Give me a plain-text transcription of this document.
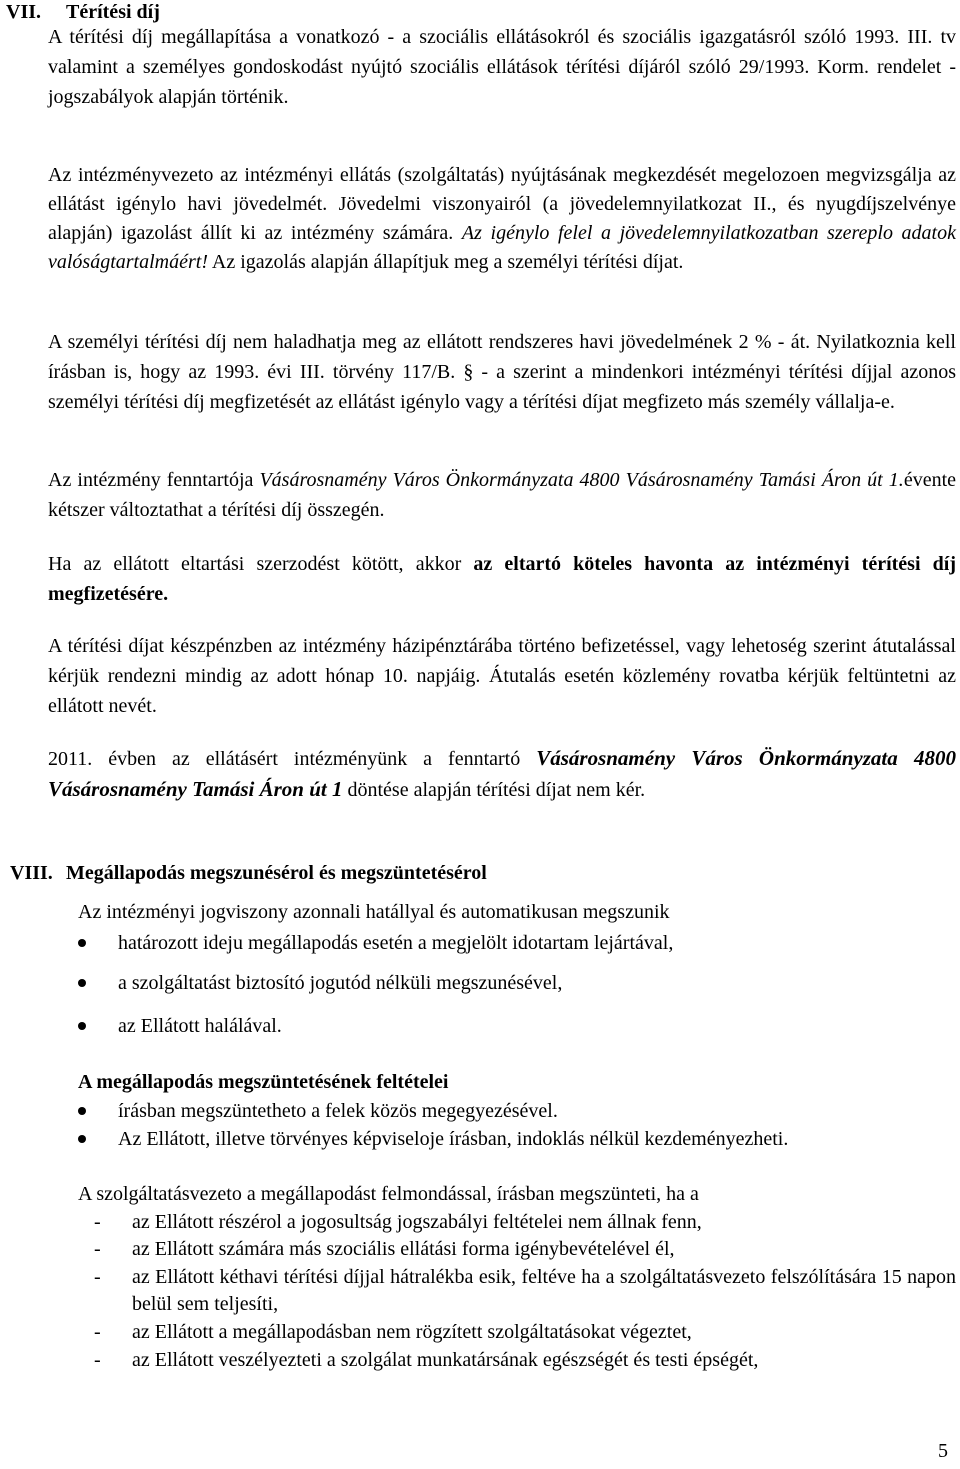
VII. Térítési díj
A térítési díj megállapítása a vonatkozó - a szociális ellátásokról és szociális igazgatásról szóló 1993. III. tv valamint a személyes gondoskodást nyújtó szociális ellátások térítési díjáról szóló 29/1993. Korm. rendelet - jogszabályok alapján történik.
Az intézményvezeto az intézményi ellátás (szolgáltatás) nyújtásának megkezdését megelozoen megvizsgálja az ellátást igénylo havi jövedelmét. Jövedelmi viszonyairól (a jövedelemnyilatkozat II., és nyugdíjszelvénye alapján) igazolást állít ki az intézmény számára. Az igénylo felel a jövedelemnyilatkozatban szereplo adatok valóságtartalmáért! Az igazolás alapján állapítjuk meg a személyi térítési díjat.
A személyi térítési díj nem haladhatja meg az ellátott rendszeres havi jövedelmének 2 % - át. Nyilatkoznia kell írásban is, hogy az 1993. évi III. törvény 117/B. § - a szerint a mindenkori intézményi térítési díjjal azonos személyi térítési díj megfizetését az ellátást igénylo vagy a térítési díjat megfizeto más személy vállalja-e.
Az intézmény fenntartója Vásárosnamény Város Önkormányzata 4800 Vásárosnamény Tamási Áron út 1.évente kétszer változtathat a térítési díj összegén.
Ha az ellátott eltartási szerzodést kötött, akkor az eltartó köteles havonta az intézményi térítési díj megfizetésére.
A térítési díjat készpénzben az intézmény házipénztárába történo befizetéssel, vagy lehetoség szerint átutalással kérjük rendezni mindig az adott hónap 10. napjáig. Átutalás esetén közlemény rovatba kérjük feltüntetni az ellátott nevét.
2011. évben az ellátásért intézményünk a fenntartó Vásárosnamény Város Önkormányzata 4800 Vásárosnamény Tamási Áron út 1 döntése alapján térítési díjat nem kér.
VIII. Megállapodás megszunésérol és megszüntetésérol
Az intézményi jogviszony azonnali hatállyal és automatikusan megszunik
határozott ideju megállapodás esetén a megjelölt idotartam lejártával,
a szolgáltatást biztosító jogutód nélküli megszunésével,
az Ellátott halálával.
A megállapodás megszüntetésének feltételei
írásban megszüntetheto a felek közös megegyezésével.
Az Ellátott, illetve törvényes képviseloje írásban, indoklás nélkül kezdeményezheti.
A szolgáltatásvezeto a megállapodást felmondással, írásban megszünteti, ha a
- az Ellátott részérol a jogosultság jogszabályi feltételei nem állnak fenn,
- az Ellátott számára más szociális ellátási forma igénybevételével él,
- az Ellátott kéthavi térítési díjjal hátralékba esik, feltéve ha a szolgáltatásvezeto felszólítására 15 napon belül sem teljesíti,
- az Ellátott a megállapodásban nem rögzített szolgáltatásokat végeztet,
- az Ellátott veszélyezteti a szolgálat munkatársának egészségét és testi épségét,
5
